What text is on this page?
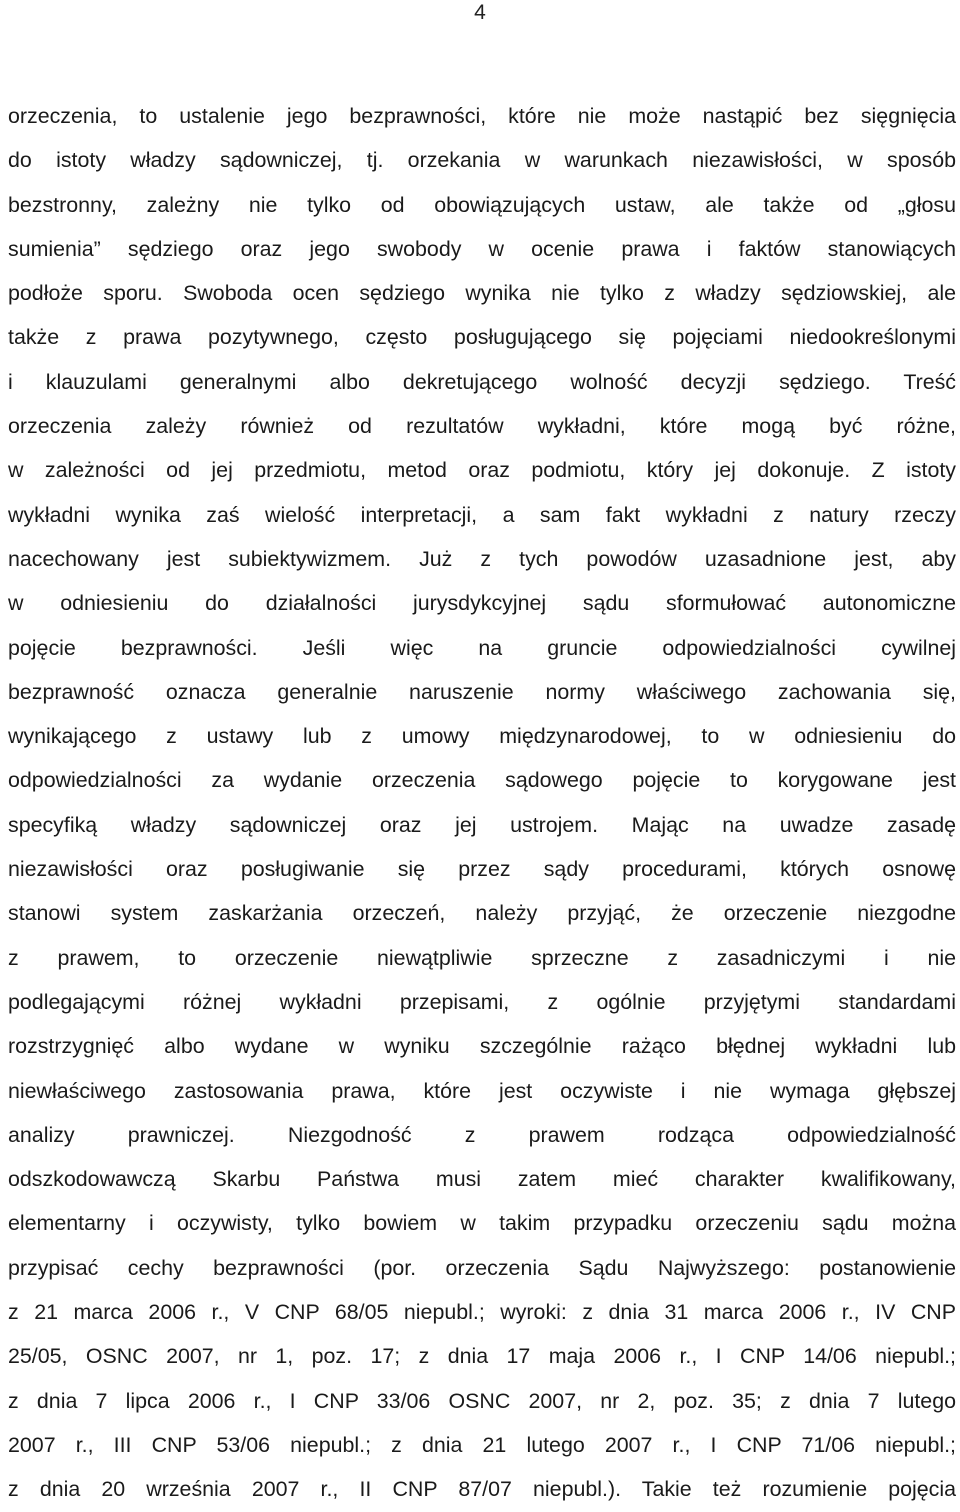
4
orzeczenia, to ustalenie jego bezprawności, które nie może nastąpić bez sięgnięcia
do istoty władzy sądowniczej, tj. orzekania w warunkach niezawisłości, w sposób
bezstronny, zależny nie tylko od obowiązujących ustaw, ale także od „głosu
sumienia” sędziego oraz jego swobody w ocenie prawa i faktów stanowiących
podłoże sporu. Swoboda ocen sędziego wynika nie tylko z władzy sędziowskiej, ale
także z prawa pozytywnego, często posługującego się pojęciami niedookreślonymi
i klauzulami generalnymi albo dekretującego wolność decyzji sędziego. Treść
orzeczenia zależy również od rezultatów wykładni, które mogą być różne,
w zależności od jej przedmiotu, metod oraz podmiotu, który jej dokonuje. Z istoty
wykładni wynika zaś wielość interpretacji, a sam fakt wykładni z natury rzeczy
nacechowany jest subiektywizmem. Już z tych powodów uzasadnione jest, aby
w odniesieniu do działalności jurysdykcyjnej sądu sformułować autonomiczne
pojęcie bezprawności. Jeśli więc na gruncie odpowiedzialności cywilnej
bezprawność oznacza generalnie naruszenie normy właściwego zachowania się,
wynikającego z ustawy lub z umowy międzynarodowej, to w odniesieniu do
odpowiedzialności za wydanie orzeczenia sądowego pojęcie to korygowane jest
specyfiką władzy sądowniczej oraz jej ustrojem. Mając na uwadze zasadę
niezawisłości oraz posługiwanie się przez sądy procedurami, których osnowę
stanowi system zaskarżania orzeczeń, należy przyjąć, że orzeczenie niezgodne
z prawem, to orzeczenie niewątpliwie sprzeczne z zasadniczymi i nie
podlegającymi różnej wykładni przepisami, z ogólnie przyjętymi standardami
rozstrzygnięć albo wydane w wyniku szczególnie rażąco błędnej wykładni lub
niewłaściwego zastosowania prawa, które jest oczywiste i nie wymaga głębszej
analizy prawniczej. Niezgodność z prawem rodząca odpowiedzialność
odszkodowawczą Skarbu Państwa musi zatem mieć charakter kwalifikowany,
elementarny i oczywisty, tylko bowiem w takim przypadku orzeczeniu sądu można
przypisać cechy bezprawności (por. orzeczenia Sądu Najwyższego: postanowienie
z 21 marca 2006 r., V CNP 68/05 niepubl.; wyroki: z dnia 31 marca 2006 r., IV CNP
25/05, OSNC 2007, nr 1, poz. 17; z dnia 17 maja 2006 r., I CNP 14/06 niepubl.;
z dnia 7 lipca 2006 r., I CNP 33/06 OSNC 2007, nr 2, poz. 35; z dnia 7 lutego
2007 r., III CNP 53/06 niepubl.; z dnia 21 lutego 2007 r., I CNP 71/06 niepubl.;
z dnia 20 września 2007 r., II CNP 87/07 niepubl.). Takie też rozumienie pojęcia
